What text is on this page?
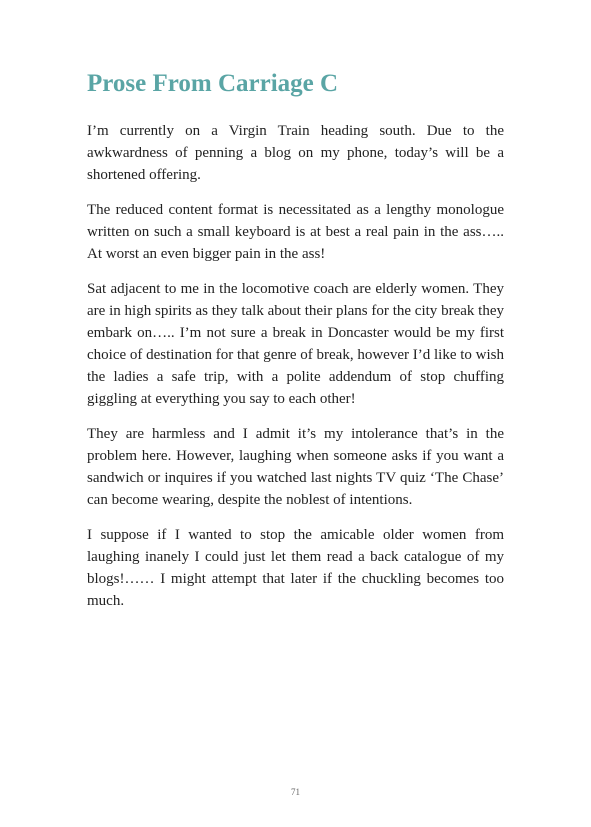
Prose From Carriage C

I’m currently on a Virgin Train heading south. Due to the awkwardness of penning a blog on my phone, today’s will be a shortened offering.

The reduced content format is necessitated as a lengthy monologue written on such a small keyboard is at best a real pain in the ass….. At worst an even bigger pain in the ass!

Sat adjacent to me in the locomotive coach are elderly women. They are in high spirits as they talk about their plans for the city break they embark on….. I’m not sure a break in Doncaster would be my first choice of destination for that genre of break, however I’d like to wish the ladies a safe trip, with a polite addendum of stop chuffing giggling at everything you say to each other!

They are harmless and I admit it’s my intolerance that’s in the problem here. However, laughing when someone asks if you want a sandwich or inquires if you watched last nights TV quiz ‘The Chase’ can become wearing, despite the noblest of intentions.

I suppose if I wanted to stop the amicable older women from laughing inanely I could just let them read a back catalogue of my blogs!…… I might attempt that later if the chuckling becomes too much.

71
